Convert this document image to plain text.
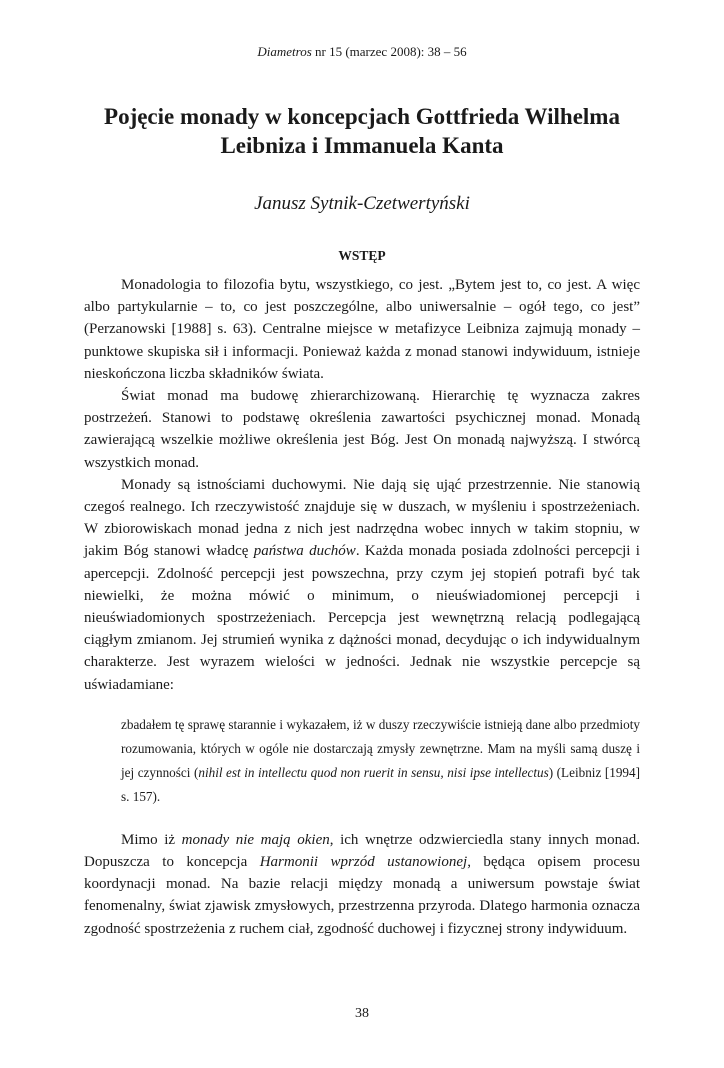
Diametros nr 15 (marzec 2008): 38 – 56
Pojęcie monady w koncepcjach Gottfrieda Wilhelma
Leibniza i Immanuela Kanta
Janusz Sytnik-Czetwertyński
WSTĘP

Monadologia to filozofia bytu, wszystkiego, co jest. „Bytem jest to, co jest. A więc albo partykularnie – to, co jest poszczególne, albo uniwersalnie – ogół tego, co jest” (Perzanowski [1988] s. 63). Centralne miejsce w metafizyce Leibniza zajmują monady – punktowe skupiska sił i informacji. Ponieważ każda z monad stanowi indywiduum, istnieje nieskończona liczba składników świata.

Świat monad ma budowę zhierarchizowaną. Hierarchię tę wyznacza zakres postrzeżeń. Stanowi to podstawę określenia zawartości psychicznej monad. Monadą zawierającą wszelkie możliwe określenia jest Bóg. Jest On monadą najwyższą. I stwórcą wszystkich monad.

Monady są istnościami duchowymi. Nie dają się ująć przestrzennie. Nie stanowią czegoś realnego. Ich rzeczywistość znajduje się w duszach, w myśleniu i spostrzeżeniach. W zbiorowiskach monad jedna z nich jest nadrzędna wobec innych w takim stopniu, w jakim Bóg stanowi władcę państwa duchów. Każda monada posiada zdolności percepcji i apercepcji. Zdolność percepcji jest powszechna, przy czym jej stopień potrafi być tak niewielki, że można mówić o minimum, o nieuświadomionej percepcji i nieuświadomionych spostrzeżeniach. Percepcja jest wewnętrzną relacją podlegającą ciągłym zmianom. Jej strumień wynika z dążności monad, decydując o ich indywidualnym charakterze. Jest wyrazem wielości w jedności. Jednak nie wszystkie percepcje są uświadamiane:

zbadałem tę sprawę starannie i wykazałem, iż w duszy rzeczywiście istnieją dane albo przedmioty rozumowania, których w ogóle nie dostarczają zmysły zewnętrzne. Mam na myśli samą duszę i jej czynności (nihil est in intellectu quod non ruerit in sensu, nisi ipse intellectus) (Leibniz [1994] s. 157).

Mimo iż monady nie mają okien, ich wnętrze odzwierciedla stany innych monad. Dopuszcza to koncepcja Harmonii wprzód ustanowionej, będąca opisem procesu koordynacji monad. Na bazie relacji między monadą a uniwersum powstaje świat fenomenalny, świat zjawisk zmysłowych, przestrzenna przyroda. Dlatego harmonia oznacza zgodność spostrzeżenia z ruchem ciał, zgodność duchowej i fizycznej strony indywiduum.

38
